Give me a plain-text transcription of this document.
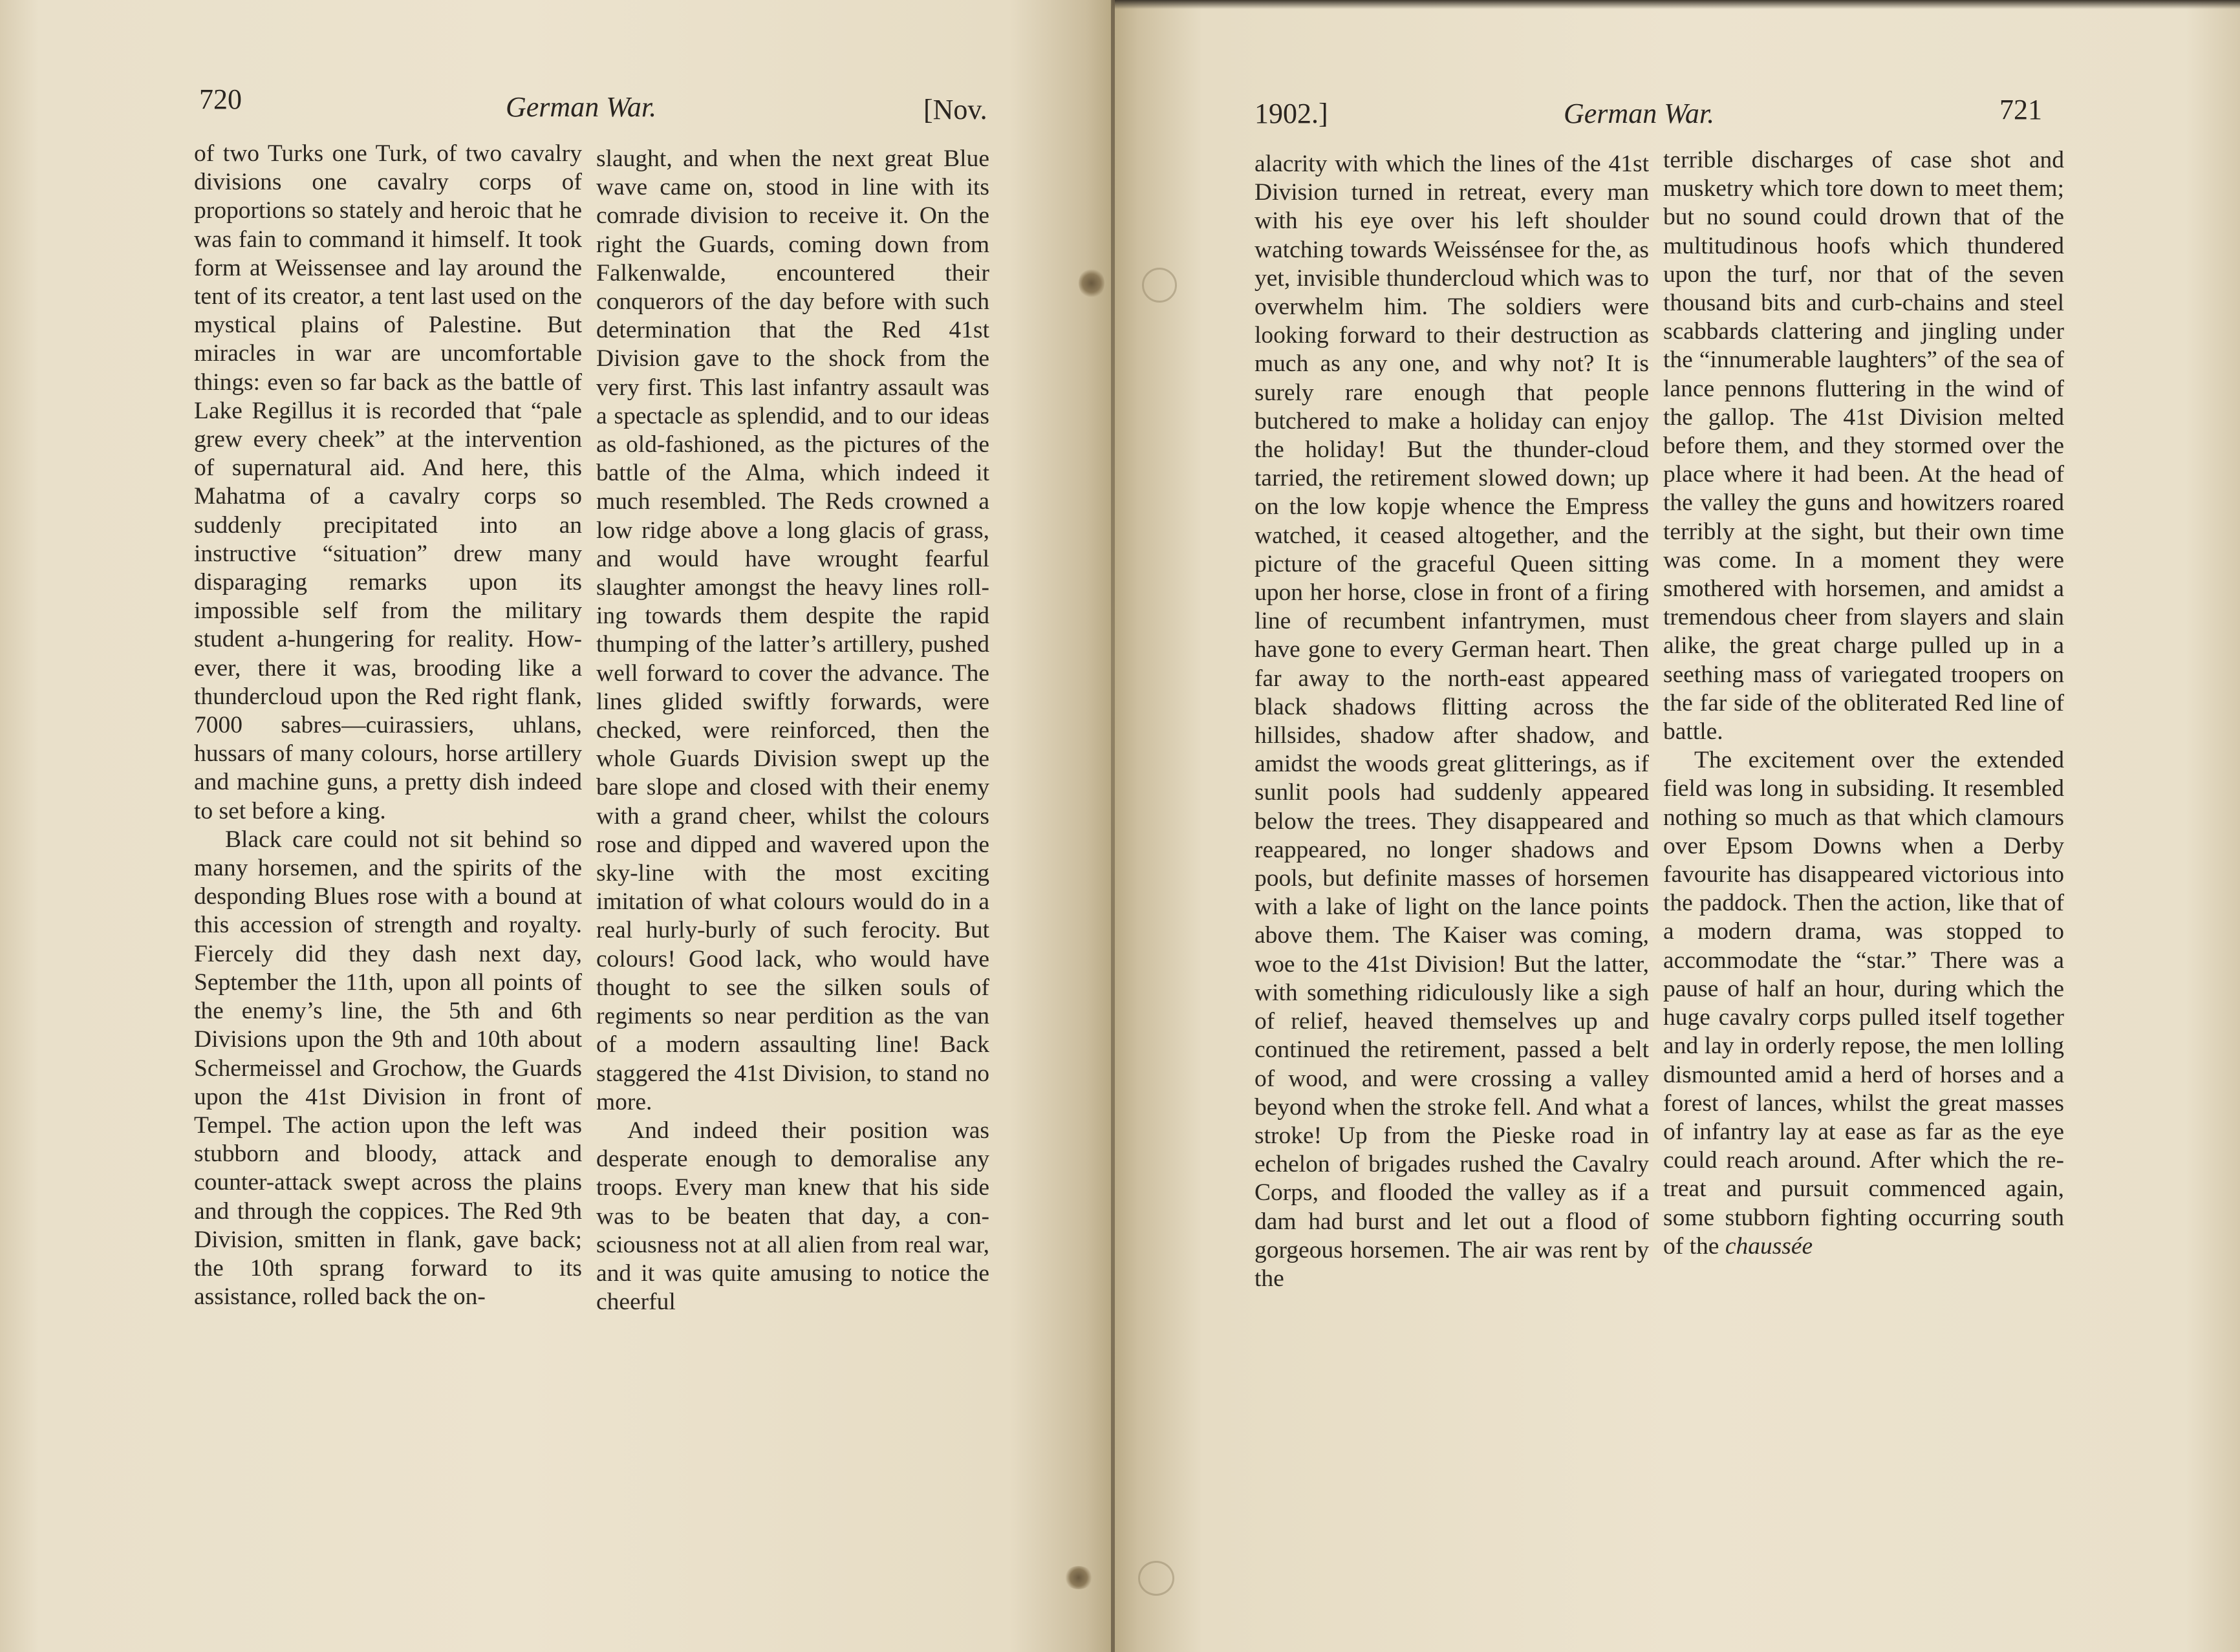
720	German War.	[Nov.

of two Turks one Turk, of two cavalry divisions one cavalry corps of proportions so stately and heroic that he was fain to command it himself. It took form at Weissensee and lay around the tent of its creator, a tent last used on the mystical plains of Palestine. But miracles in war are uncomfortable things: even so far back as the battle of Lake Regillus it is recorded that “pale grew every cheek” at the intervention of supernatural aid. And here, this Mahatma of a cavalry corps so suddenly precipitated into an instructive “situation” drew many disparaging remarks upon its impossible self from the military student a-hungering for reality. However, there it was, brooding like a thundercloud upon the Red right flank, 7000 sabres—cuirassiers, uhlans, hussars of many colours, horse artillery and machine guns, a pretty dish indeed to set before a king.

Black care could not sit behind so many horsemen, and the spirits of the desponding Blues rose with a bound at this accession of strength and royalty. Fiercely did they dash next day, September the 11th, upon all points of the enemy’s line, the 5th and 6th Divisions upon the 9th and 10th about Schermeissel and Grochow, the Guards upon the 41st Division in front of Tempel. The action upon the left was stubborn and bloody, attack and counter-attack swept across the plains and through the coppices. The Red 9th Division, smitten in flank, gave back; the 10th sprang forward to its assistance, rolled back the on-

slaught, and when the next great Blue wave came on, stood in line with its comrade division to receive it. On the right the Guards, coming down from Falkenwalde, encountered their conquerors of the day before with such determination that the Red 41st Division gave to the shock from the very first. This last infantry assault was a spectacle as splendid, and to our ideas as old-fashioned, as the pictures of the battle of the Alma, which indeed it much resembled. The Reds crowned a low ridge above a long glacis of grass, and would have wrought fearful slaughter amongst the heavy lines rolling towards them despite the rapid thumping of the latter’s artillery, pushed well forward to cover the advance. The lines glided swiftly forwards, were checked, were reinforced, then the whole Guards Division swept up the bare slope and closed with their enemy with a grand cheer, whilst the colours rose and dipped and wavered upon the sky-line with the most exciting imitation of what colours would do in a real hurly-burly of such ferocity. But colours! Good lack, who would have thought to see the silken souls of regiments so near perdition as the van of a modern assaulting line! Back staggered the 41st Division, to stand no more.

And indeed their position was desperate enough to demoralise any troops. Every man knew that his side was to be beaten that day, a consciousness not at all alien from real war, and it was quite amusing to notice the cheerful

1902.]	German War.	721

alacrity with which the lines of the 41st Division turned in retreat, every man with his eye over his left shoulder watching towards Weissénsee for the, as yet, invisible thundercloud which was to overwhelm him. The soldiers were looking forward to their destruction as much as any one, and why not? It is surely rare enough that people butchered to make a holiday can enjoy the holiday! But the thunder-cloud tarried, the retirement slowed down; up on the low kopje whence the Empress watched, it ceased altogether, and the picture of the graceful Queen sitting upon her horse, close in front of a firing line of recumbent infantrymen, must have gone to every German heart. Then far away to the north-east appeared black shadows flitting across the hillsides, shadow after shadow, and amidst the woods great glitterings, as if sunlit pools had suddenly appeared below the trees. They disappeared and reappeared, no longer shadows and pools, but definite masses of horsemen with a lake of light on the lance points above them. The Kaiser was coming, woe to the 41st Division! But the latter, with something ridiculously like a sigh of relief, heaved themselves up and continued the retirement, passed a belt of wood, and were crossing a valley beyond when the stroke fell. And what a stroke! Up from the Pieske road in echelon of brigades rushed the Cavalry Corps, and flooded the valley as if a dam had burst and let out a flood of gorgeous horsemen. The air was rent by the

terrible discharges of case shot and musketry which tore down to meet them; but no sound could drown that of the multitudinous hoofs which thundered upon the turf, nor that of the seven thousand bits and curb-chains and steel scabbards clattering and jingling under the “innumerable laughters” of the sea of lance pennons fluttering in the wind of the gallop. The 41st Division melted before them, and they stormed over the place where it had been. At the head of the valley the guns and howitzers roared terribly at the sight, but their own time was come. In a moment they were smothered with horsemen, and amidst a tremendous cheer from slayers and slain alike, the great charge pulled up in a seething mass of variegated troopers on the far side of the obliterated Red line of battle.

The excitement over the extended field was long in subsiding. It resembled nothing so much as that which clamours over Epsom Downs when a Derby favourite has disappeared victorious into the paddock. Then the action, like that of a modern drama, was stopped to accommodate the “star.” There was a pause of half an hour, during which the huge cavalry corps pulled itself together and lay in orderly repose, the men lolling dismounted amid a herd of horses and a forest of lances, whilst the great masses of infantry lay at ease as far as the eye could reach around. After which the retreat and pursuit commenced again, some stubborn fighting occurring south of the chaussée
